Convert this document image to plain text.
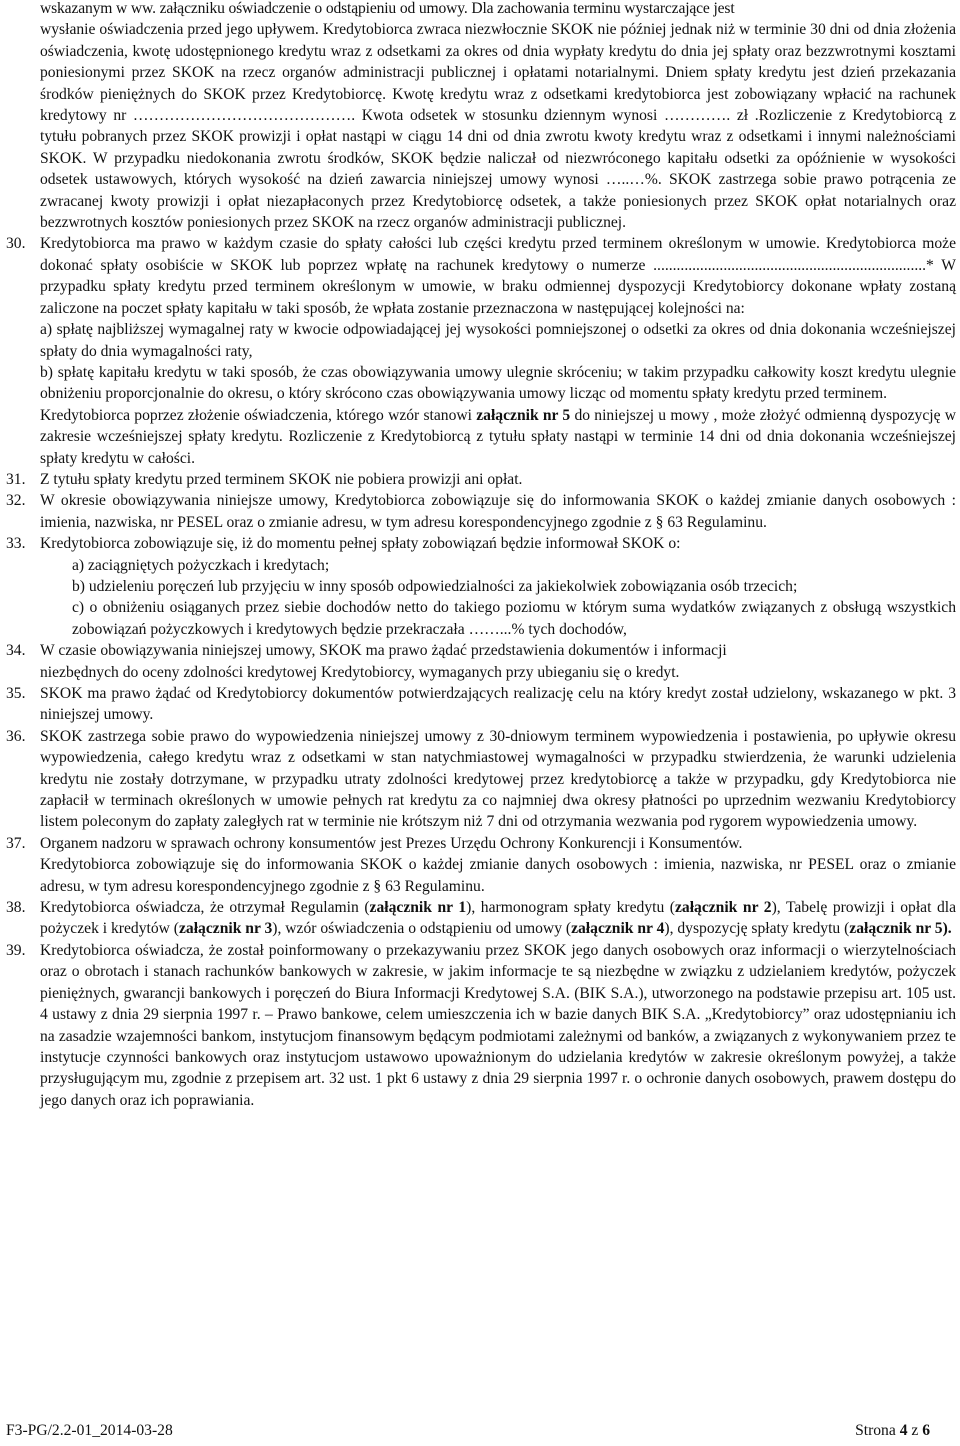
wskazanym w ww. załączniku oświadczenie o odstąpieniu od umowy. Dla zachowania terminu wystarczające jest

wysłanie oświadczenia przed jego upływem. Kredytobiorca zwraca niezwłocznie SKOK nie później jednak niż w terminie 30 dni od dnia złożenia oświadczenia, kwotę udostępnionego kredytu wraz z odsetkami za okres od dnia wypłaty kredytu do dnia jej spłaty oraz bezzwrotnymi kosztami poniesionymi przez SKOK na rzecz organów administracji publicznej i opłatami notarialnymi. Dniem spłaty kredytu jest dzień przekazania środków pieniężnych do SKOK przez Kredytobiorcę. Kwotę kredytu wraz z odsetkami kredytobiorca jest zobowiązany wpłacić na rachunek kredytowy nr ……………………………………. Kwota odsetek w stosunku dziennym wynosi …………. zł .Rozliczenie z Kredytobiorcą z tytułu pobranych przez SKOK prowizji i opłat nastąpi w ciągu 14 dni od dnia zwrotu kwoty kredytu wraz z odsetkami i innymi należnościami SKOK. W przypadku niedokonania zwrotu środków, SKOK będzie naliczał od niezwróconego kapitału odsetki za opóźnienie w wysokości odsetek ustawowych, których wysokość na dzień zawarcia niniejszej umowy wynosi …..…%. SKOK zastrzega sobie prawo potrącenia ze zwracanej kwoty prowizji i opłat niezapłaconych przez Kredytobiorcę odsetek, a także poniesionych przez SKOK opłat notarialnych oraz bezzwrotnych kosztów poniesionych przez SKOK na rzecz organów administracji publicznej.

30. Kredytobiorca ma prawo w każdym czasie do spłaty całości lub części kredytu przed terminem określonym w umowie. Kredytobiorca może dokonać spłaty osobiście w SKOK lub poprzez wpłatę na rachunek kredytowy o numerze ......................................................................* W przypadku spłaty kredytu przed terminem określonym w umowie, w braku odmiennej dyspozycji Kredytobiorcy dokonane wpłaty zostaną zaliczone na poczet spłaty kapitału w taki sposób, że wpłata zostanie przeznaczona w następującej kolejności na:

a) spłatę najbliższej wymagalnej raty w kwocie odpowiadającej jej wysokości pomniejszonej o odsetki za okres od dnia dokonania wcześniejszej spłaty do dnia wymagalności raty,

b) spłatę kapitału kredytu w taki sposób, że czas obowiązywania umowy ulegnie skróceniu; w takim przypadku całkowity koszt kredytu ulegnie obniżeniu proporcjonalnie do okresu, o który skrócono czas obowiązywania umowy licząc od momentu spłaty kredytu przed terminem.

Kredytobiorca poprzez złożenie oświadczenia, którego wzór stanowi załącznik nr 5 do niniejszej u mowy , może złożyć odmienną dyspozycję w zakresie wcześniejszej spłaty kredytu. Rozliczenie z Kredytobiorcą z tytułu spłaty nastąpi w terminie 14 dni od dnia dokonania wcześniejszej spłaty kredytu w całości.

31. Z tytułu spłaty kredytu przed terminem SKOK nie pobiera prowizji ani opłat.

32. W okresie obowiązywania niniejsze umowy, Kredytobiorca zobowiązuje się do informowania SKOK o każdej zmianie danych osobowych : imienia, nazwiska, nr PESEL oraz o zmianie adresu, w tym adresu korespondencyjnego zgodnie z § 63 Regulaminu.

33. Kredytobiorca zobowiązuje się, iż do momentu pełnej spłaty zobowiązań będzie informował SKOK o:

a) zaciągniętych pożyczkach i kredytach;

b) udzieleniu poręczeń lub przyjęciu w inny sposób odpowiedzialności za jakiekolwiek zobowiązania osób trzecich;

c) o obniżeniu osiąganych przez siebie dochodów netto do takiego poziomu w którym suma wydatków związanych z obsługą wszystkich zobowiązań pożyczkowych i kredytowych będzie przekraczała ……...% tych dochodów,

34. W czasie obowiązywania niniejszej umowy, SKOK ma prawo żądać przedstawienia dokumentów i informacji

niezbędnych do oceny zdolności kredytowej Kredytobiorcy, wymaganych przy ubieganiu się o kredyt.

35. SKOK ma prawo żądać od Kredytobiorcy dokumentów potwierdzających realizację celu na który kredyt został udzielony, wskazanego w pkt. 3 niniejszej umowy.

36. SKOK zastrzega sobie prawo do wypowiedzenia niniejszej umowy z 30-dniowym terminem wypowiedzenia i postawienia, po upływie okresu wypowiedzenia, całego kredytu wraz z odsetkami w stan natychmiastowej wymagalności w przypadku stwierdzenia, że warunki udzielenia kredytu nie zostały dotrzymane, w przypadku utraty zdolności kredytowej przez kredytobiorcę a także w przypadku, gdy Kredytobiorca nie zapłacił w terminach określonych w umowie pełnych rat kredytu za co najmniej dwa okresy płatności po uprzednim wezwaniu Kredytobiorcy listem poleconym do zapłaty zaległych rat w terminie nie krótszym niż 7 dni od otrzymania wezwania pod rygorem wypowiedzenia umowy.

37. Organem nadzoru w sprawach ochrony konsumentów jest Prezes Urzędu Ochrony Konkurencji i Konsumentów.

Kredytobiorca zobowiązuje się do informowania SKOK o każdej zmianie danych osobowych : imienia, nazwiska, nr PESEL oraz o zmianie adresu, w tym adresu korespondencyjnego zgodnie z § 63 Regulaminu.

38. Kredytobiorca oświadcza, że otrzymał Regulamin (załącznik nr 1), harmonogram spłaty kredytu (załącznik nr 2), Tabelę prowizji i opłat dla pożyczek i kredytów (załącznik nr 3), wzór oświadczenia o odstąpieniu od umowy (załącznik nr 4), dyspozycję spłaty kredytu (załącznik nr 5).

39. Kredytobiorca oświadcza, że został poinformowany o przekazywaniu przez SKOK jego danych osobowych oraz informacji o wierzytelnościach oraz o obrotach i stanach rachunków bankowych w zakresie, w jakim informacje te są niezbędne w związku z udzielaniem kredytów, pożyczek pieniężnych, gwarancji bankowych i poręczeń do Biura Informacji Kredytowej S.A. (BIK S.A.), utworzonego na podstawie przepisu art. 105 ust. 4 ustawy z dnia 29 sierpnia 1997 r. – Prawo bankowe, celem umieszczenia ich w bazie danych BIK S.A. „Kredytobiorcy” oraz udostępnianiu ich na zasadzie wzajemności bankom, instytucjom finansowym będącym podmiotami zależnymi od banków, a związanych z wykonywaniem przez te instytucje czynności bankowych oraz instytucjom ustawowo upoważnionym do udzielania kredytów w zakresie określonym powyżej, a także przysługującym mu, zgodnie z przepisem art. 32 ust. 1 pkt 6 ustawy z dnia 29 sierpnia 1997 r. o ochronie danych osobowych, prawem dostępu do jego danych oraz ich poprawiania.

F3-PG/2.2-01_2014-03-28	Strona 4 z 6
